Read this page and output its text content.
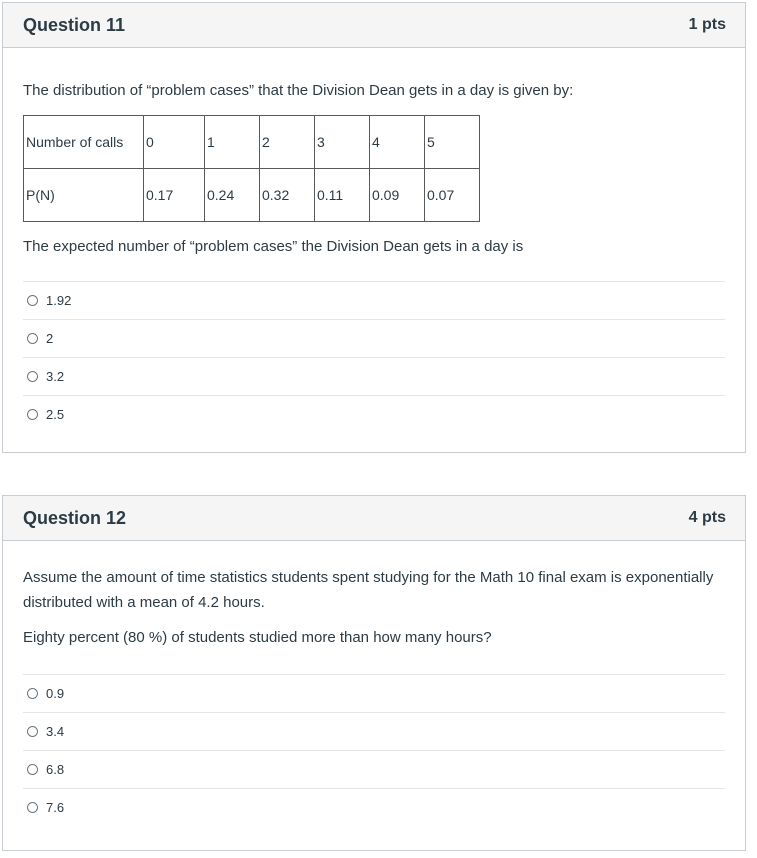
Question 11	1 pts

The distribution of “problem cases” that the Division Dean gets in a day is given by:

Number of calls	0	1	2	3	4	5
P(N)	0.17	0.24	0.32	0.11	0.09	0.07

The expected number of “problem cases” the Division Dean gets in a day is

1.92
2
3.2
2.5
Question 12	4 pts

Assume the amount of time statistics students spent studying for the Math 10 final exam is exponentially distributed with a mean of 4.2 hours.

Eighty percent (80 %) of students studied more than how many hours?

0.9
3.4
6.8
7.6
